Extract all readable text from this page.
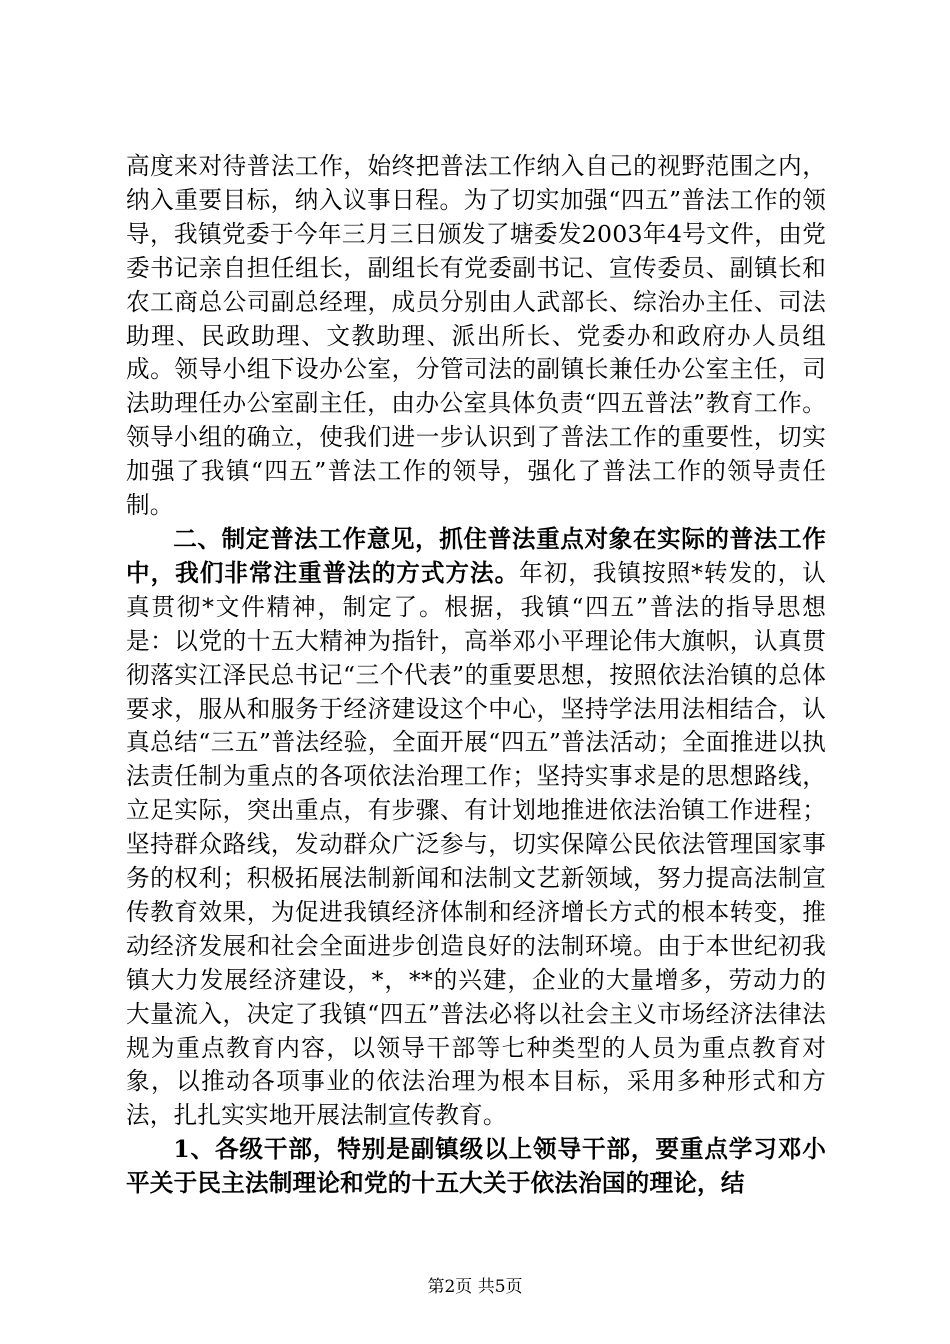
高度来对待普法工作，始终把普法工作纳入自己的视野范围之内，纳入重要目标，纳入议事日程。为了切实加强“四五”普法工作的领导，我镇党委于今年三月三日颁发了塘委发2003年4号文件，由党委书记亲自担任组长，副组长有党委副书记、宣传委员、副镇长和农工商总公司副总经理，成员分别由人武部长、综治办主任、司法助理、民政助理、文教助理、派出所长、党委办和政府办人员组成。领导小组下设办公室，分管司法的副镇长兼任办公室主任，司法助理任办公室副主任，由办公室具体负责“四五普法”教育工作。领导小组的确立，使我们进一步认识到了普法工作的重要性，切实加强了我镇“四五”普法工作的领导，强化了普法工作的领导责任制。

二、制定普法工作意见，抓住普法重点对象在实际的普法工作中，我们非常注重普法的方式方法。年初，我镇按照*转发的，认真贯彻*文件精神，制定了。根据，我镇“四五”普法的指导思想是：以党的十五大精神为指针，高举邓小平理论伟大旗帜，认真贯彻落实江泽民总书记“三个代表”的重要思想，按照依法治镇的总体要求，服从和服务于经济建设这个中心，坚持学法用法相结合，认真总结“三五”普法经验，全面开展“四五”普法活动；全面推进以执法责任制为重点的各项依法治理工作；坚持实事求是的思想路线，立足实际，突出重点，有步骤、有计划地推进依法治镇工作进程；坚持群众路线，发动群众广泛参与，切实保障公民依法管理国家事务的权利；积极拓展法制新闻和法制文艺新领域，努力提高法制宣传教育效果，为促进我镇经济体制和经济增长方式的根本转变，推动经济发展和社会全面进步创造良好的法制环境。由于本世纪初我镇大力发展经济建设，*，**的兴建，企业的大量增多，劳动力的大量流入，决定了我镇“四五”普法必将以社会主义市场经济法律法规为重点教育内容，以领导干部等七种类型的人员为重点教育对象，以推动各项事业的依法治理为根本目标，采用多种形式和方法，扎扎实实地开展法制宣传教育。

1、各级干部，特别是副镇级以上领导干部，要重点学习邓小平关于民主法制理论和党的十五大关于依法治国的理论，结

第2页 共5页
